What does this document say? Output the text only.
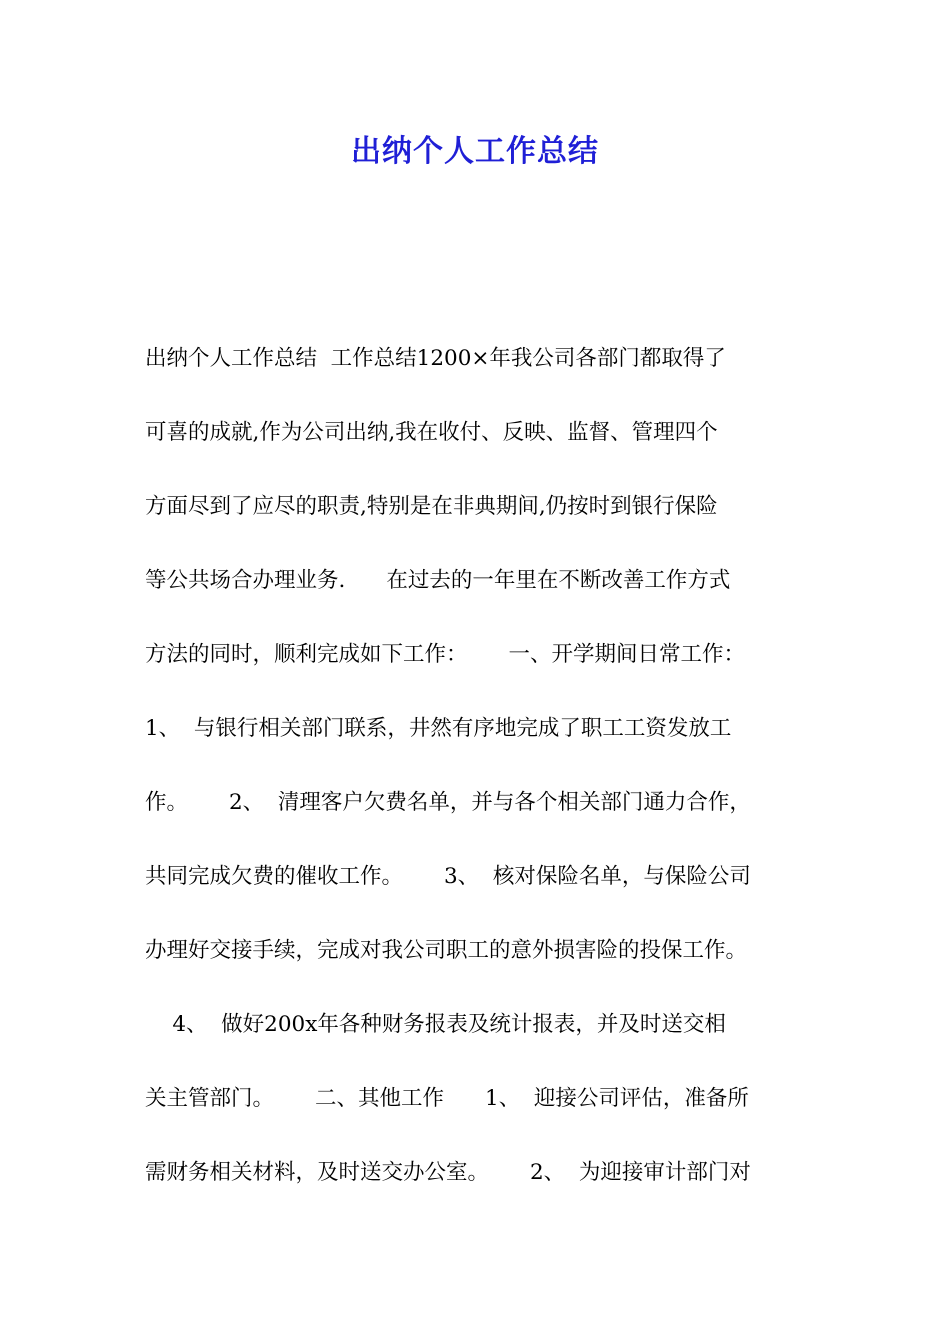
出纳个人工作总结
出纳个人工作总结  工作总结1200×年我公司各部门都取得了
可喜的成就,作为公司出纳,我在收付、反映、监督、管理四个
方面尽到了应尽的职责,特别是在非典期间,仍按时到银行保险
等公共场合办理业务.      在过去的一年里在不断改善工作方式
方法的同时，顺利完成如下工作：      一、开学期间日常工作：
1、  与银行相关部门联系，井然有序地完成了职工工资发放工
作。      2、  清理客户欠费名单，并与各个相关部门通力合作，
共同完成欠费的催收工作。      3、  核对保险名单，与保险公司
办理好交接手续，完成对我公司职工的意外损害险的投保工作。
4、  做好200x年各种财务报表及统计报表，并及时送交相
关主管部门。      二、其他工作      1、  迎接公司评估，准备所
需财务相关材料，及时送交办公室。      2、  为迎接审计部门对
